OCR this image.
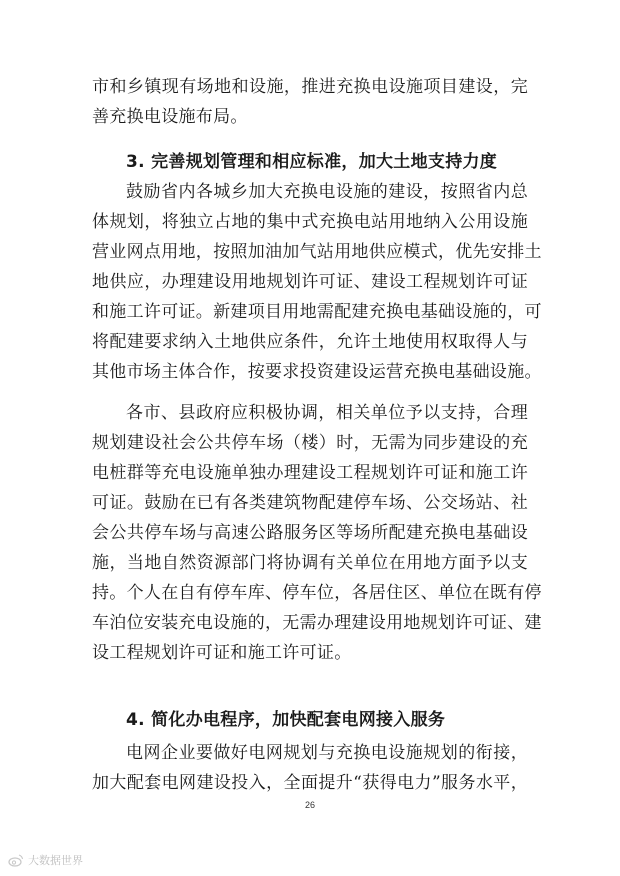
市和乡镇现有场地和设施，推进充换电设施项目建设，完
善充换电设施布局。
3. 完善规划管理和相应标准，加大土地支持力度
鼓励省内各城乡加大充换电设施的建设，按照省内总
体规划，将独立占地的集中式充换电站用地纳入公用设施
营业网点用地，按照加油加气站用地供应模式，优先安排土
地供应，办理建设用地规划许可证、建设工程规划许可证
和施工许可证。新建项目用地需配建充换电基础设施的，可
将配建要求纳入土地供应条件，允许土地使用权取得人与
其他市场主体合作，按要求投资建设运营充换电基础设施。
各市、县政府应积极协调，相关单位予以支持，合理
规划建设社会公共停车场（楼）时，无需为同步建设的充
电桩群等充电设施单独办理建设工程规划许可证和施工许
可证。鼓励在已有各类建筑物配建停车场、公交场站、社
会公共停车场与高速公路服务区等场所配建充换电基础设
施，当地自然资源部门将协调有关单位在用地方面予以支
持。个人在自有停车库、停车位，各居住区、单位在既有停
车泊位安装充电设施的，无需办理建设用地规划许可证、建
设工程规划许可证和施工许可证。
4. 简化办电程序，加快配套电网接入服务
电网企业要做好电网规划与充换电设施规划的衔接，
加大配套电网建设投入，全面提升“获得电力”服务水平，
26
大数据世界
